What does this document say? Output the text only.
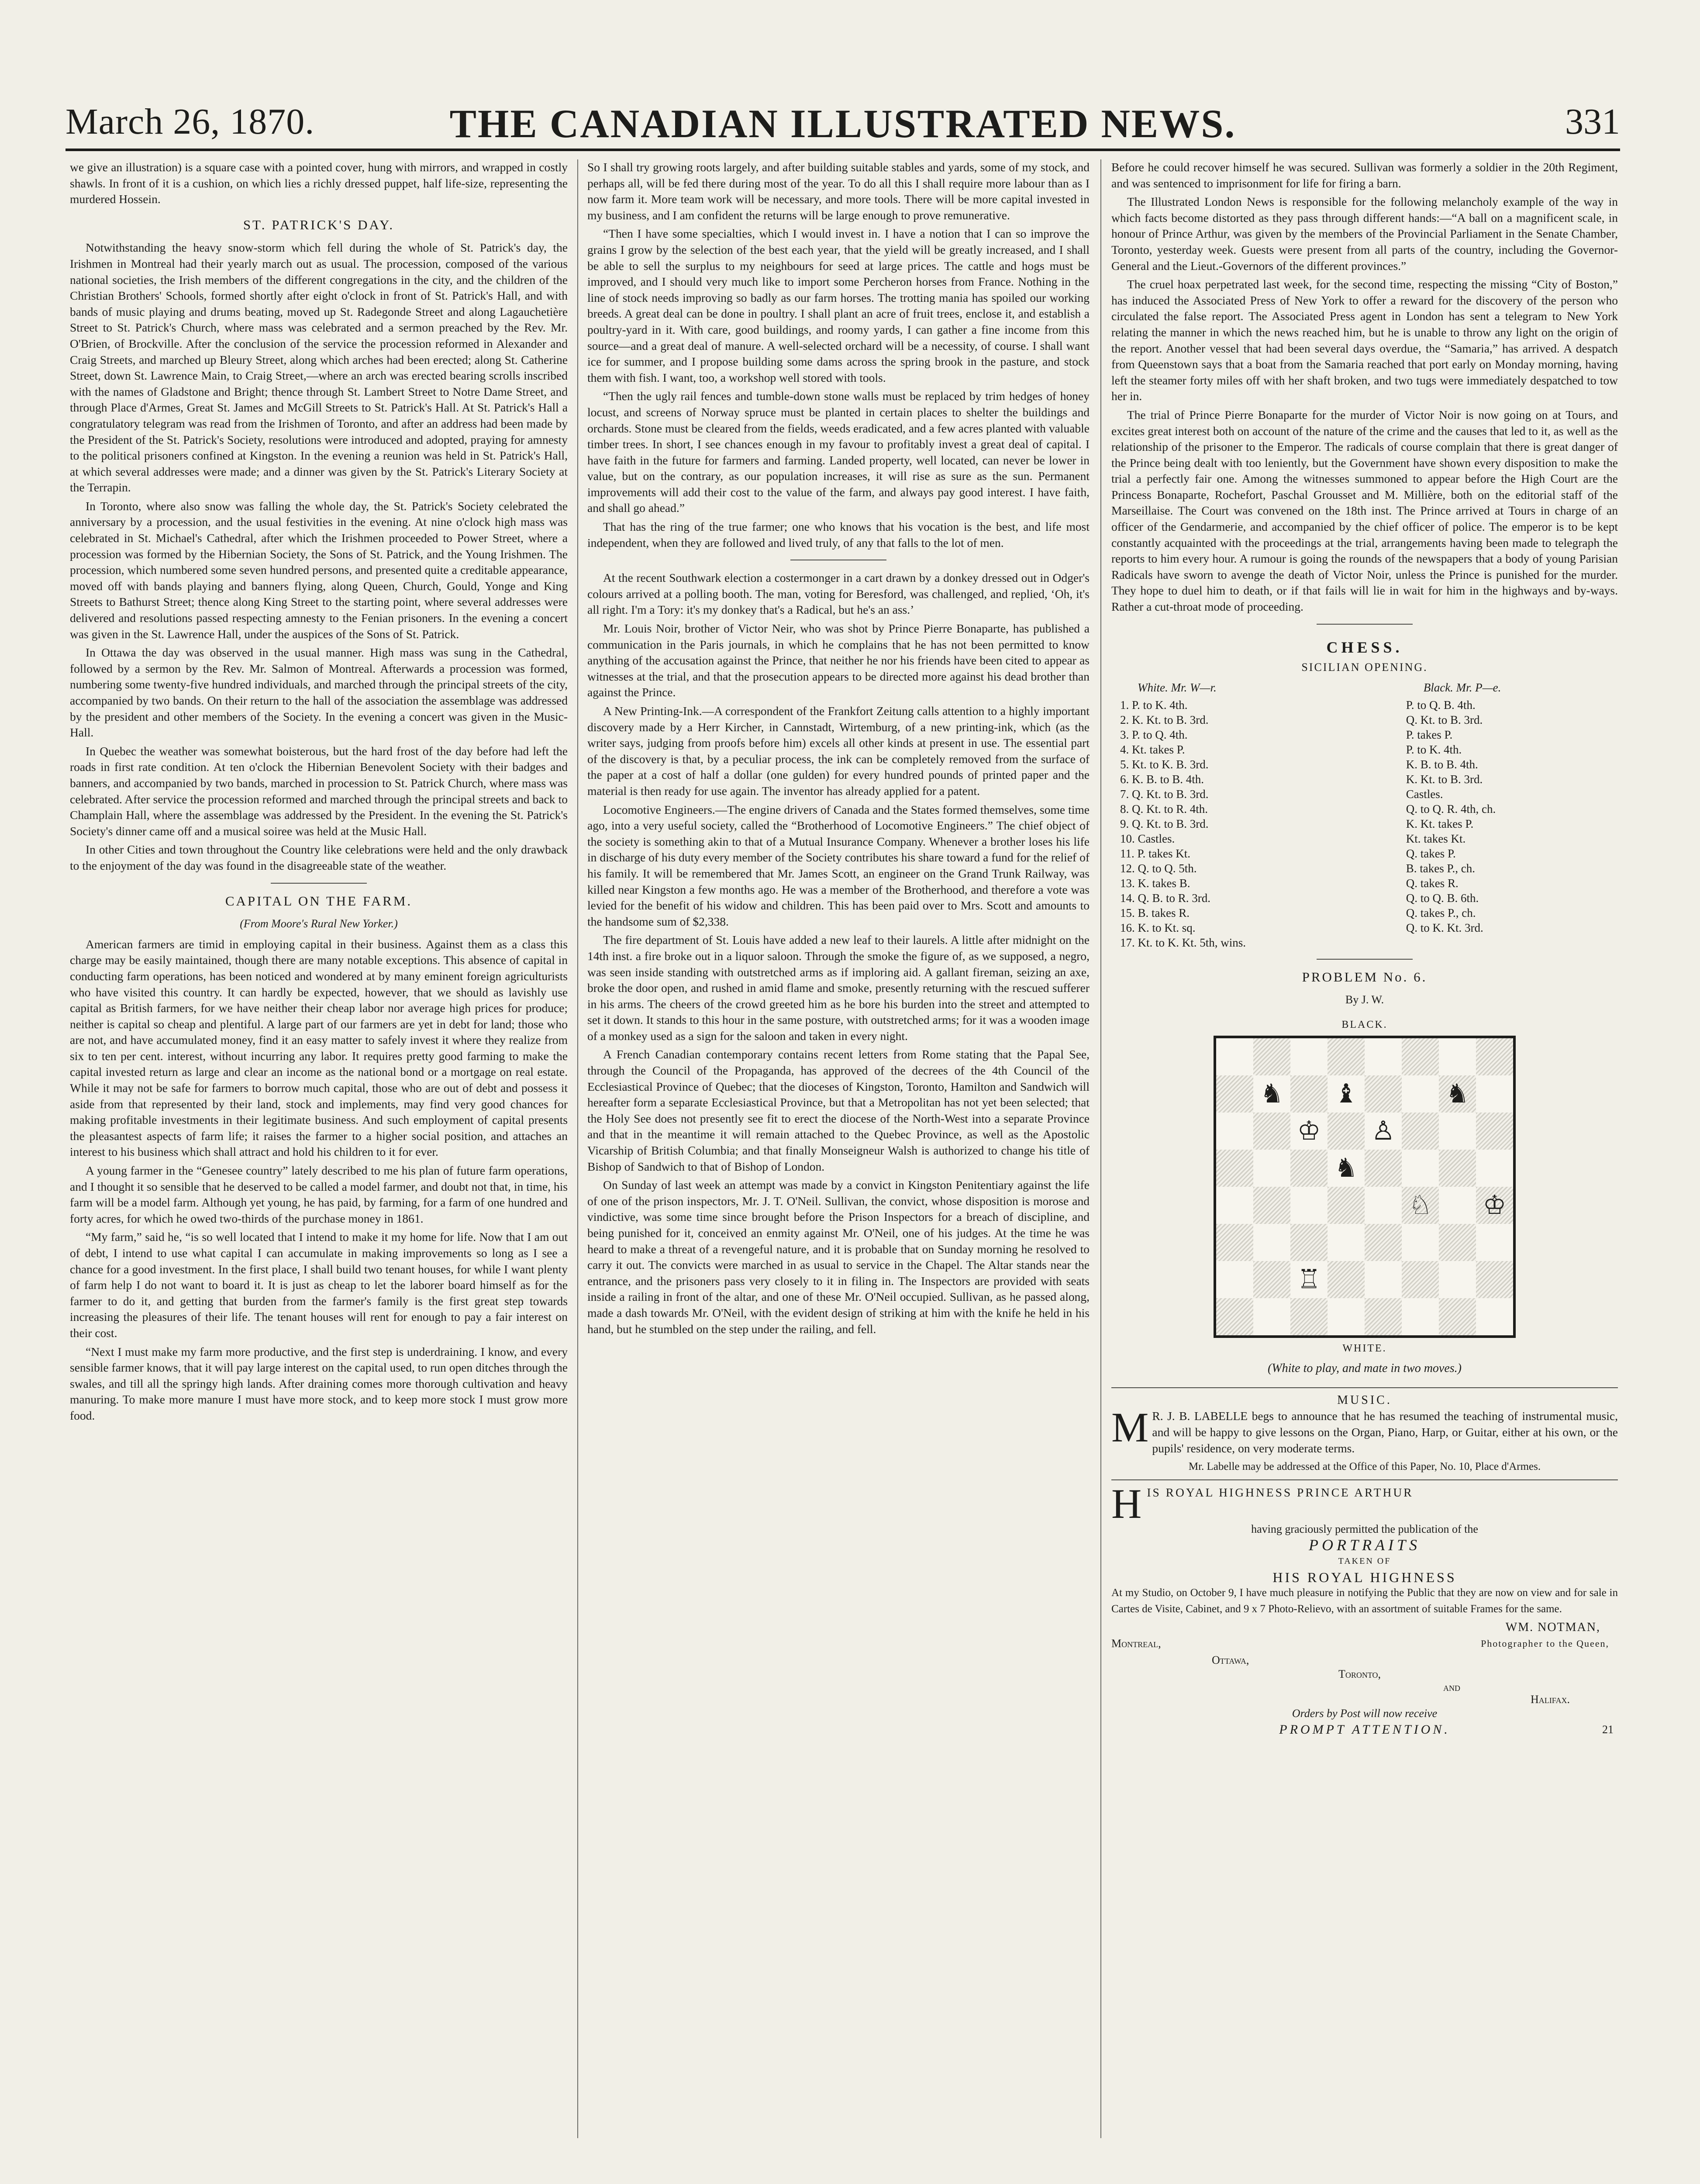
March 26, 1870.	THE CANADIAN ILLUSTRATED NEWS.	331

we give an illustration) is a square case with a pointed cover, hung with mirrors, and wrapped in costly shawls. In front of it is a cushion, on which lies a richly dressed puppet, half life-size, representing the murdered Hossein.

ST. PATRICK'S DAY.

Notwithstanding the heavy snow-storm which fell during the whole of St. Patrick's day, the Irishmen in Montreal had their yearly march out as usual. The procession, composed of the various national societies, the Irish members of the different congregations in the city, and the children of the Christian Brothers' Schools, formed shortly after eight o'clock in front of St. Patrick's Hall, and with bands of music playing and drums beating, moved up St. Radegonde Street and along Lagauchetière Street to St. Patrick's Church, where mass was celebrated and a sermon preached by the Rev. Mr. O'Brien, of Brockville. After the conclusion of the service the procession reformed in Alexander and Craig Streets, and marched up Bleury Street, along which arches had been erected; along St. Catherine Street, down St. Lawrence Main, to Craig Street,—where an arch was erected bearing scrolls inscribed with the names of Gladstone and Bright; thence through St. Lambert Street to Notre Dame Street, and through Place d'Armes, Great St. James and McGill Streets to St. Patrick's Hall. At St. Patrick's Hall a congratulatory telegram was read from the Irishmen of Toronto, and after an address had been made by the President of the St. Patrick's Society, resolutions were introduced and adopted, praying for amnesty to the political prisoners confined at Kingston. In the evening a reunion was held in St. Patrick's Hall, at which several addresses were made; and a dinner was given by the St. Patrick's Literary Society at the Terrapin.

In Toronto, where also snow was falling the whole day, the St. Patrick's Society celebrated the anniversary by a procession, and the usual festivities in the evening. At nine o'clock high mass was celebrated in St. Michael's Cathedral, after which the Irishmen proceeded to Power Street, where a procession was formed by the Hibernian Society, the Sons of St. Patrick, and the Young Irishmen. The procession, which numbered some seven hundred persons, and presented quite a creditable appearance, moved off with bands playing and banners flying, along Queen, Church, Gould, Yonge and King Streets to Bathurst Street; thence along King Street to the starting point, where several addresses were delivered and resolutions passed respecting amnesty to the Fenian prisoners. In the evening a concert was given in the St. Lawrence Hall, under the auspices of the Sons of St. Patrick.

In Ottawa the day was observed in the usual manner. High mass was sung in the Cathedral, followed by a sermon by the Rev. Mr. Salmon of Montreal. Afterwards a procession was formed, numbering some twenty-five hundred individuals, and marched through the principal streets of the city, accompanied by two bands. On their return to the hall of the association the assemblage was addressed by the president and other members of the Society. In the evening a concert was given in the Music-Hall.

In Quebec the weather was somewhat boisterous, but the hard frost of the day before had left the roads in first rate condition. At ten o'clock the Hibernian Benevolent Society with their badges and banners, and accompanied by two bands, marched in procession to St. Patrick Church, where mass was celebrated. After service the procession reformed and marched through the principal streets and back to Champlain Hall, where the assemblage was addressed by the President. In the evening the St. Patrick's Society's dinner came off and a musical soiree was held at the Music Hall.

In other Cities and town throughout the Country like celebrations were held and the only drawback to the enjoyment of the day was found in the disagreeable state of the weather.

CAPITAL ON THE FARM.
(From Moore's Rural New Yorker.)

American farmers are timid in employing capital in their business. Against them as a class this charge may be easily maintained, though there are many notable exceptions. This absence of capital in conducting farm operations, has been noticed and wondered at by many eminent foreign agriculturists who have visited this country. It can hardly be expected, however, that we should as lavishly use capital as British farmers, for we have neither their cheap labor nor average high prices for produce; neither is capital so cheap and plentiful. A large part of our farmers are yet in debt for land; those who are not, and have accumulated money, find it an easy matter to safely invest it where they realize from six to ten per cent. interest, without incurring any labor. It requires pretty good farming to make the capital invested return as large and clear an income as the national bond or a mortgage on real estate. While it may not be safe for farmers to borrow much capital, those who are out of debt and possess it aside from that represented by their land, stock and implements, may find very good chances for making profitable investments in their legitimate business. And such employment of capital presents the pleasantest aspects of farm life; it raises the farmer to a higher social position, and attaches an interest to his business which shall attract and hold his children to it for ever.

A young farmer in the “Genesee country” lately described to me his plan of future farm operations, and I thought it so sensible that he deserved to be called a model farmer, and doubt not that, in time, his farm will be a model farm. Although yet young, he has paid, by farming, for a farm of one hundred and forty acres, for which he owed two-thirds of the purchase money in 1861.

“My farm,” said he, “is so well located that I intend to make it my home for life. Now that I am out of debt, I intend to use what capital I can accumulate in making improvements so long as I see a chance for a good investment. In the first place, I shall build two tenant houses, for while I want plenty of farm help I do not want to board it. It is just as cheap to let the laborer board himself as for the farmer to do it, and getting that burden from the farmer's family is the first great step towards increasing the pleasures of their life. The tenant houses will rent for enough to pay a fair interest on their cost.

“Next I must make my farm more productive, and the first step is underdraining. I know, and every sensible farmer knows, that it will pay large interest on the capital used, to run open ditches through the swales, and till all the springy high lands. After draining comes more thorough cultivation and heavy manuring. To make more manure I must have more stock, and to keep more stock I must grow more food.

So I shall try growing roots largely, and after building suitable stables and yards, some of my stock, and perhaps all, will be fed there during most of the year. To do all this I shall require more labour than as I now farm it. More team work will be necessary, and more tools. There will be more capital invested in my business, and I am confident the returns will be large enough to prove remunerative.

“Then I have some specialties, which I would invest in. I have a notion that I can so improve the grains I grow by the selection of the best each year, that the yield will be greatly increased, and I shall be able to sell the surplus to my neighbours for seed at large prices. The cattle and hogs must be improved, and I should very much like to import some Percheron horses from France. Nothing in the line of stock needs improving so badly as our farm horses. The trotting mania has spoiled our working breeds. A great deal can be done in poultry. I shall plant an acre of fruit trees, enclose it, and establish a poultry-yard in it. With care, good buildings, and roomy yards, I can gather a fine income from this source—and a great deal of manure. A well-selected orchard will be a necessity, of course. I shall want ice for summer, and I propose building some dams across the spring brook in the pasture, and stock them with fish. I want, too, a workshop well stored with tools.

“Then the ugly rail fences and tumble-down stone walls must be replaced by trim hedges of honey locust, and screens of Norway spruce must be planted in certain places to shelter the buildings and orchards. Stone must be cleared from the fields, weeds eradicated, and a few acres planted with valuable timber trees. In short, I see chances enough in my favour to profitably invest a great deal of capital. I have faith in the future for farmers and farming. Landed property, well located, can never be lower in value, but on the contrary, as our population increases, it will rise as sure as the sun. Permanent improvements will add their cost to the value of the farm, and always pay good interest. I have faith, and shall go ahead.”

That has the ring of the true farmer; one who knows that his vocation is the best, and life most independent, when they are followed and lived truly, of any that falls to the lot of men.

At the recent Southwark election a costermonger in a cart drawn by a donkey dressed out in Odger's colours arrived at a polling booth. The man, voting for Beresford, was challenged, and replied, ‘Oh, it's all right. I'm a Tory: it's my donkey that's a Radical, but he's an ass.’

Mr. Louis Noir, brother of Victor Neir, who was shot by Prince Pierre Bonaparte, has published a communication in the Paris journals, in which he complains that he has not been permitted to know anything of the accusation against the Prince, that neither he nor his friends have been cited to appear as witnesses at the trial, and that the prosecution appears to be directed more against his dead brother than against the Prince.

A New Printing-Ink.—A correspondent of the Frankfort Zeitung calls attention to a highly important discovery made by a Herr Kircher, in Cannstadt, Wirtemburg, of a new printing-ink, which (as the writer says, judging from proofs before him) excels all other kinds at present in use. The essential part of the discovery is that, by a peculiar process, the ink can be completely removed from the surface of the paper at a cost of half a dollar (one gulden) for every hundred pounds of printed paper and the material is then ready for use again. The inventor has already applied for a patent.

Locomotive Engineers.—The engine drivers of Canada and the States formed themselves, some time ago, into a very useful society, called the “Brotherhood of Locomotive Engineers.” The chief object of the society is something akin to that of a Mutual Insurance Company. Whenever a brother loses his life in discharge of his duty every member of the Society contributes his share toward a fund for the relief of his family. It will be remembered that Mr. James Scott, an engineer on the Grand Trunk Railway, was killed near Kingston a few months ago. He was a member of the Brotherhood, and therefore a vote was levied for the benefit of his widow and children. This has been paid over to Mrs. Scott and amounts to the handsome sum of $2,338.

The fire department of St. Louis have added a new leaf to their laurels. A little after midnight on the 14th inst. a fire broke out in a liquor saloon. Through the smoke the figure of, as we supposed, a negro, was seen inside standing with outstretched arms as if imploring aid. A gallant fireman, seizing an axe, broke the door open, and rushed in amid flame and smoke, presently returning with the rescued sufferer in his arms. The cheers of the crowd greeted him as he bore his burden into the street and attempted to set it down. It stands to this hour in the same posture, with outstretched arms; for it was a wooden image of a monkey used as a sign for the saloon and taken in every night.

A French Canadian contemporary contains recent letters from Rome stating that the Papal See, through the Council of the Propaganda, has approved of the decrees of the 4th Council of the Ecclesiastical Province of Quebec; that the dioceses of Kingston, Toronto, Hamilton and Sandwich will hereafter form a separate Ecclesiastical Province, but that a Metropolitan has not yet been selected; that the Holy See does not presently see fit to erect the diocese of the North-West into a separate Province and that in the meantime it will remain attached to the Quebec Province, as well as the Apostolic Vicarship of British Columbia; and that finally Monseigneur Walsh is authorized to change his title of Bishop of Sandwich to that of Bishop of London.

On Sunday of last week an attempt was made by a convict in Kingston Penitentiary against the life of one of the prison inspectors, Mr. J. T. O'Neil. Sullivan, the convict, whose disposition is morose and vindictive, was some time since brought before the Prison Inspectors for a breach of discipline, and being punished for it, conceived an enmity against Mr. O'Neil, one of his judges. At the time he was heard to make a threat of a revengeful nature, and it is probable that on Sunday morning he resolved to carry it out. The convicts were marched in as usual to service in the Chapel. The Altar stands near the entrance, and the prisoners pass very closely to it in filing in. The Inspectors are provided with seats inside a railing in front of the altar, and one of these Mr. O'Neil occupied. Sullivan, as he passed along, made a dash towards Mr. O'Neil, with the evident design of striking at him with the knife he held in his hand, but he stumbled on the step under the railing, and fell.

Before he could recover himself he was secured. Sullivan was formerly a soldier in the 20th Regiment, and was sentenced to imprisonment for life for firing a barn.

The Illustrated London News is responsible for the following melancholy example of the way in which facts become distorted as they pass through different hands:—“A ball on a magnificent scale, in honour of Prince Arthur, was given by the members of the Provincial Parliament in the Senate Chamber, Toronto, yesterday week. Guests were present from all parts of the country, including the Governor-General and the Lieut.-Governors of the different provinces.”

The cruel hoax perpetrated last week, for the second time, respecting the missing “City of Boston,” has induced the Associated Press of New York to offer a reward for the discovery of the person who circulated the false report. The Associated Press agent in London has sent a telegram to New York relating the manner in which the news reached him, but he is unable to throw any light on the origin of the report. Another vessel that had been several days overdue, the “Samaria,” has arrived. A despatch from Queenstown says that a boat from the Samaria reached that port early on Monday morning, having left the steamer forty miles off with her shaft broken, and two tugs were immediately despatched to tow her in.

The trial of Prince Pierre Bonaparte for the murder of Victor Noir is now going on at Tours, and excites great interest both on account of the nature of the crime and the causes that led to it, as well as the relationship of the prisoner to the Emperor. The radicals of course complain that there is great danger of the Prince being dealt with too leniently, but the Government have shown every disposition to make the trial a perfectly fair one. Among the witnesses summoned to appear before the High Court are the Princess Bonaparte, Rochefort, Paschal Grousset and M. Millière, both on the editorial staff of the Marseillaise. The Court was convened on the 18th inst. The Prince arrived at Tours in charge of an officer of the Gendarmerie, and accompanied by the chief officer of police. The emperor is to be kept constantly acquainted with the proceedings at the trial, arrangements having been made to telegraph the reports to him every hour. A rumour is going the rounds of the newspapers that a body of young Parisian Radicals have sworn to avenge the death of Victor Noir, unless the Prince is punished for the murder. They hope to duel him to death, or if that fails will lie in wait for him in the highways and by-ways. Rather a cut-throat mode of proceeding.

CHESS.
SICILIAN OPENING.
White. Mr. W—r.	Black. Mr. P—e.
1. P. to K. 4th.	P. to Q. B. 4th.
2. K. Kt. to B. 3rd.	Q. Kt. to B. 3rd.
3. P. to Q. 4th.	P. takes P.
4. Kt. takes P.	P. to K. 4th.
5. Kt. to K. B. 3rd.	K. B. to B. 4th.
6. K. B. to B. 4th.	K. Kt. to B. 3rd.
7. Q. Kt. to B. 3rd.	Castles.
8. Q. Kt. to R. 4th.	Q. to Q. R. 4th, ch.
9. Q. Kt. to B. 3rd.	K. Kt. takes P.
10. Castles.	Kt. takes Kt.
11. P. takes Kt.	Q. takes P.
12. Q. to Q. 5th.	B. takes P., ch.
13. K. takes B.	Q. takes R.
14. Q. B. to R. 3rd.	Q. to Q. B. 6th.
15. B. takes R.	Q. takes P., ch.
16. K. to Kt. sq.	Q. to K. Kt. 3rd.
17. Kt. to K. Kt. 5th, wins.	
PROBLEM No. 6.
By J. W.
BLACK.
♞ ♝	♞
♔ ♙
♞
♘ ♔
♖
WHITE.
(White to play, and mate in two moves.)
MUSIC.

M R. J. B. LABELLE begs to announce that he has resumed the teaching of instrumental music, and will be happy to give lessons on the Organ, Piano, Harp, or Guitar, either at his own, or the pupils' residence, on very moderate terms.

Mr. Labelle may be addressed at the Office of this Paper, No. 10, Place d'Armes.

HIS ROYAL HIGHNESS PRINCE ARTHUR

having graciously permitted the publication of the
PORTRAITS
TAKEN OF
HIS ROYAL HIGHNESS

At my Studio, on October 9, I have much pleasure in notifying the Public that they are now on view and for sale in Cartes de Visite, Cabinet, and 9 x 7 Photo-Relievo, with an assortment of suitable Frames for the same.

WM. NOTMAN,
Montreal,	Photographer to the Queen,
Ottawa,
Toronto,
and
Halifax.
Orders by Post will now receive
PROMPT ATTENTION.	21
